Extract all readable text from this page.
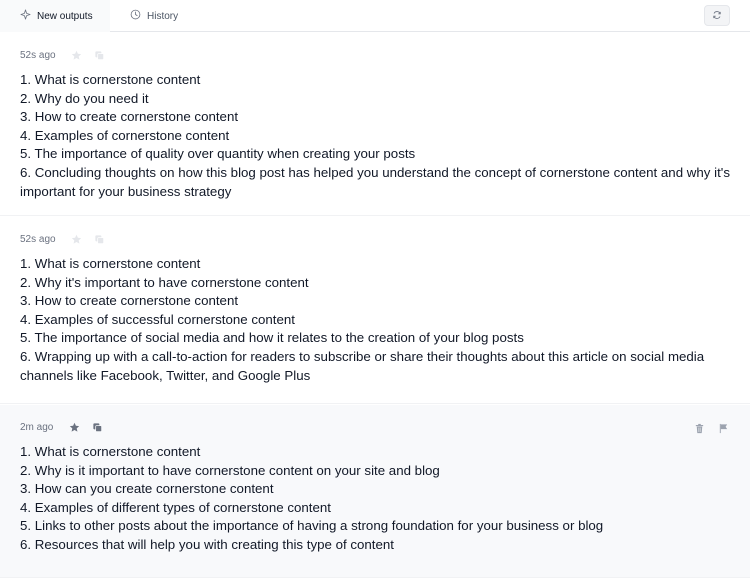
New outputs	History
52s ago
1. What is cornerstone content
2. Why do you need it
3. How to create cornerstone content
4. Examples of cornerstone content
5. The importance of quality over quantity when creating your posts
6. Concluding thoughts on how this blog post has helped you understand the concept of cornerstone content and why it's important for your business strategy
52s ago
1. What is cornerstone content
2. Why it's important to have cornerstone content
3. How to create cornerstone content
4. Examples of successful cornerstone content
5. The importance of social media and how it relates to the creation of your blog posts
6. Wrapping up with a call-to-action for readers to subscribe or share their thoughts about this article on social media channels like Facebook, Twitter, and Google Plus
2m ago
1. What is cornerstone content
2. Why is it important to have cornerstone content on your site and blog
3. How can you create cornerstone content
4. Examples of different types of cornerstone content
5. Links to other posts about the importance of having a strong foundation for your business or blog
6. Resources that will help you with creating this type of content
